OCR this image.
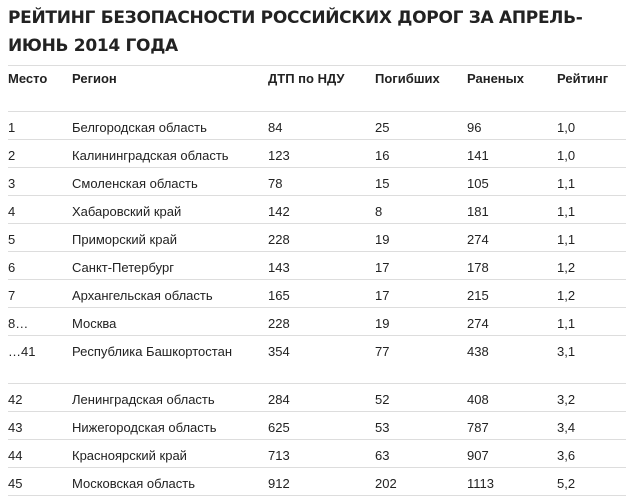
РЕЙТИНГ БЕЗОПАСНОСТИ РОССИЙСКИХ ДОРОГ ЗА АПРЕЛЬ-ИЮНЬ 2014 ГОДА
Место	Регион	ДТП по НДУ	Погибших	Раненых	Рейтинг
1	Белгородская область	84	25	96	1,0
2	Калининградская область	123	16	141	1,0
3	Смоленская область	78	15	105	1,1
4	Хабаровский край	142	8	181	1,1
5	Приморский край	228	19	274	1,1
6	Санкт-Петербург	143	17	178	1,2
7	Архангельская область	165	17	215	1,2
8…	Москва	228	19	274	1,1
…41	Республика Башкортостан	354	77	438	3,1
42	Ленинградская область	284	52	408	3,2
43	Нижегородская область	625	53	787	3,4
44	Красноярский край	713	63	907	3,6
45	Московская область	912	202	1113	5,2
